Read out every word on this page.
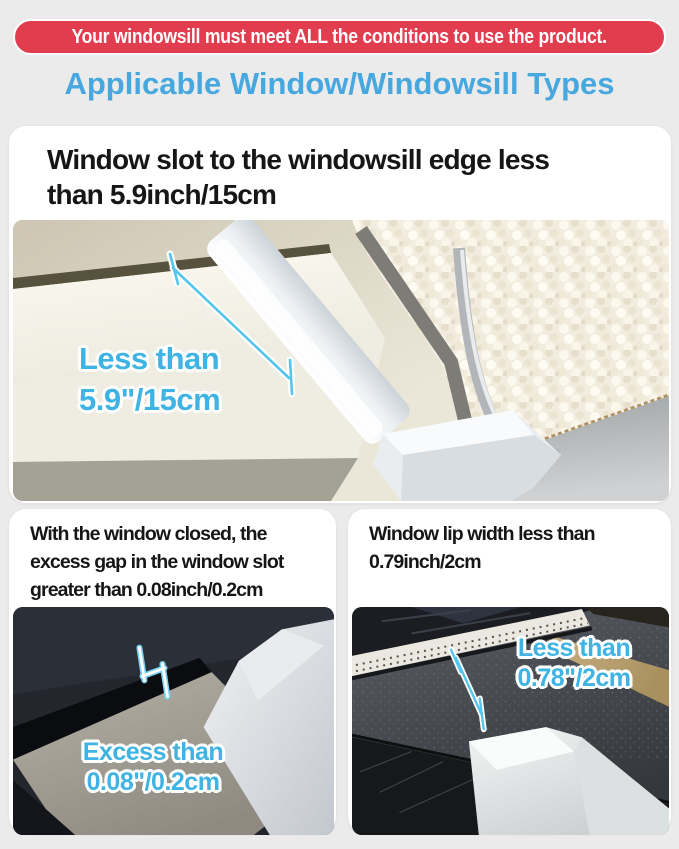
Your windowsill must meet ALL the conditions to use the product.
Applicable Window/Windowsill Types
Window slot to the windowsill edge less
than 5.9inch/15cm
Less than
5.9"/15cm
With the window closed, the
excess gap in the window slot
greater than 0.08inch/0.2cm
Excess than
0.08"/0.2cm
Window lip width less than
0.79inch/2cm
Less than
0.78"/2cm
